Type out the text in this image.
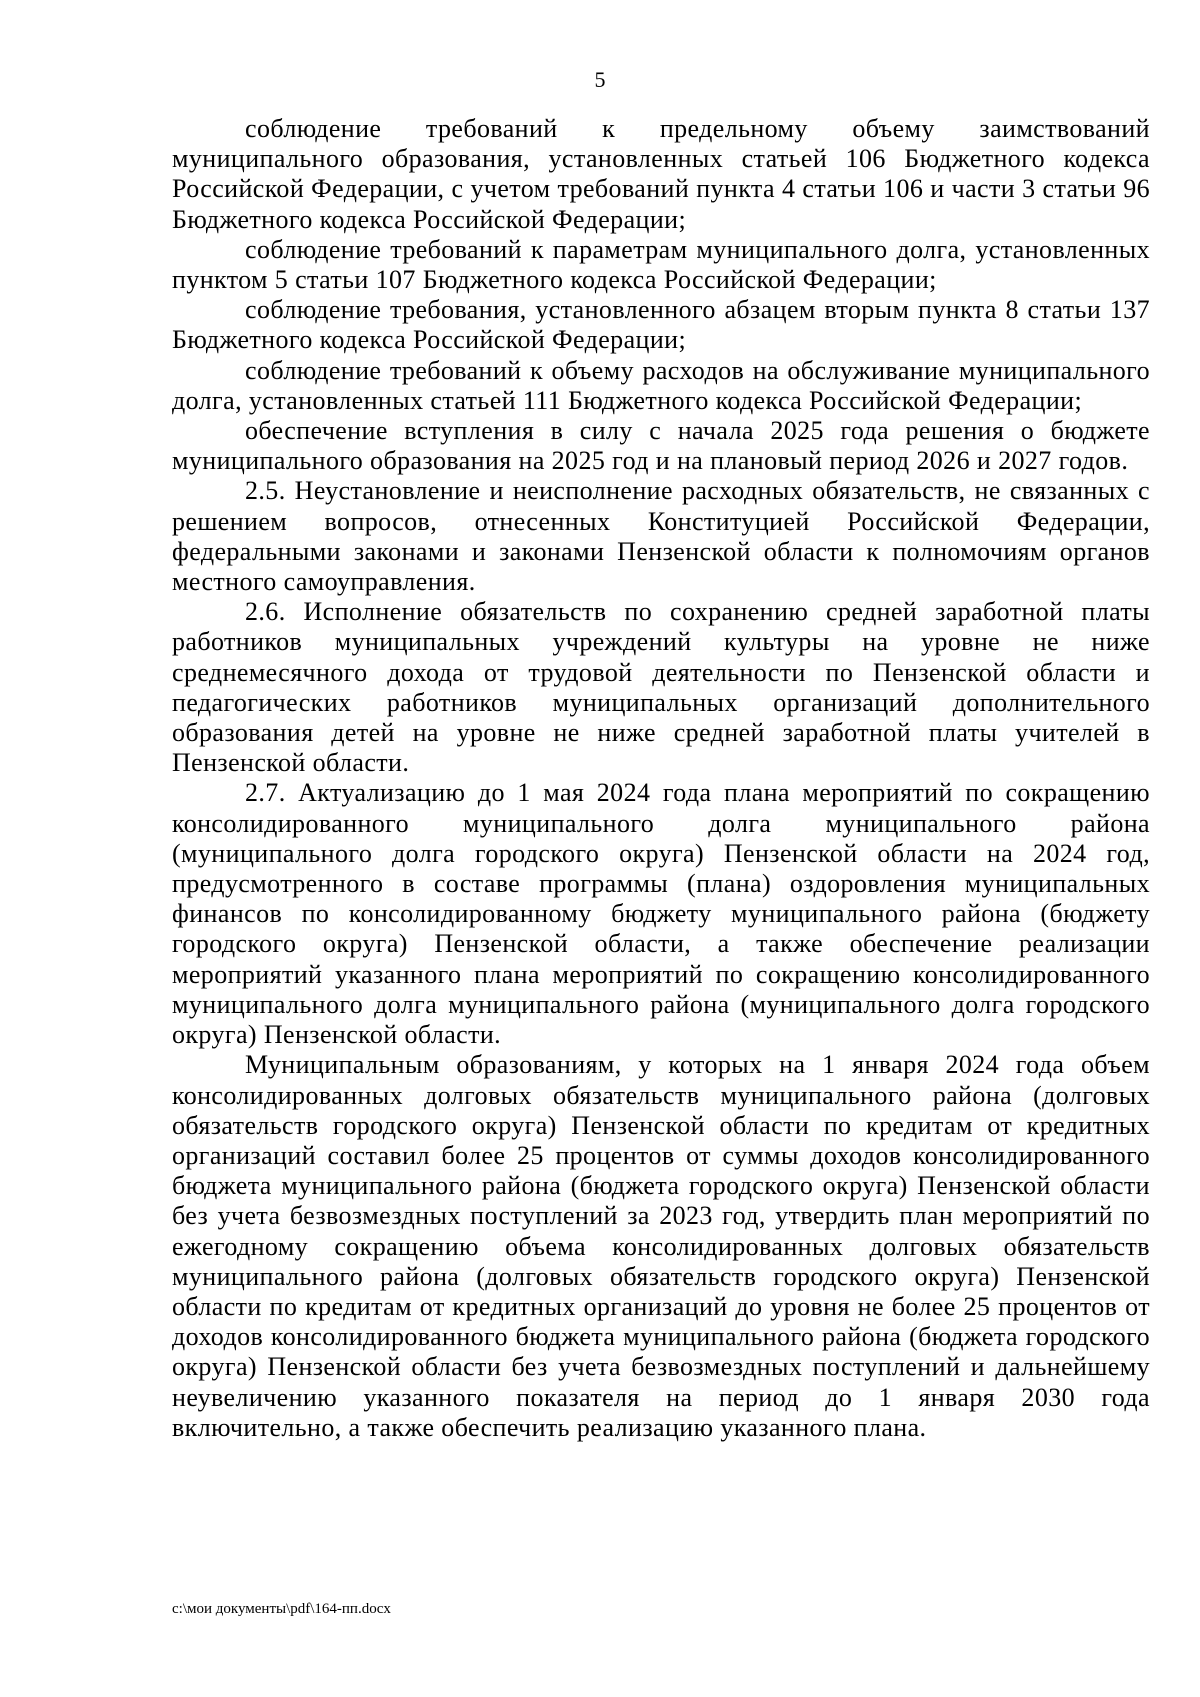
5

соблюдение требований к предельному объему заимствований муниципального образования, установленных статьей 106 Бюджетного кодекса Российской Федерации, с учетом требований пункта 4 статьи 106 и части 3 статьи 96 Бюджетного кодекса Российской Федерации;

соблюдение требований к параметрам муниципального долга, установленных пунктом 5 статьи 107 Бюджетного кодекса Российской Федерации;

соблюдение требования, установленного абзацем вторым пункта 8 статьи 137 Бюджетного кодекса Российской Федерации;

соблюдение требований к объему расходов на обслуживание муниципального долга, установленных статьей 111 Бюджетного кодекса Российской Федерации;

обеспечение вступления в силу с начала 2025 года решения о бюджете муниципального образования на 2025 год и на плановый период 2026 и 2027 годов.

2.5. Неустановление и неисполнение расходных обязательств, не связанных с решением вопросов, отнесенных Конституцией Российской Федерации, федеральными законами и законами Пензенской области к полномочиям органов местного самоуправления.

2.6. Исполнение обязательств по сохранению средней заработной платы работников муниципальных учреждений культуры на уровне не ниже среднемесячного дохода от трудовой деятельности по Пензенской области и педагогических работников муниципальных организаций дополнительного образования детей на уровне не ниже средней заработной платы учителей в Пензенской области.

2.7. Актуализацию до 1 мая 2024 года плана мероприятий по сокращению консолидированного муниципального долга муниципального района (муниципального долга городского округа) Пензенской области на 2024 год, предусмотренного в составе программы (плана) оздоровления муниципальных финансов по консолидированному бюджету муниципального района (бюджету городского округа) Пензенской области, а также обеспечение реализации мероприятий указанного плана мероприятий по сокращению консолидированного муниципального долга муниципального района (муниципального долга городского округа) Пензенской области.

Муниципальным образованиям, у которых на 1 января 2024 года объем консолидированных долговых обязательств муниципального района (долговых обязательств городского округа) Пензенской области по кредитам от кредитных организаций составил более 25 процентов от суммы доходов консолидированного бюджета муниципального района (бюджета городского округа) Пензенской области без учета безвозмездных поступлений за 2023 год, утвердить план мероприятий по ежегодному сокращению объема консолидированных долговых обязательств муниципального района (долговых обязательств городского округа) Пензенской области по кредитам от кредитных организаций до уровня не более 25 процентов от доходов консолидированного бюджета муниципального района (бюджета городского округа) Пензенской области без учета безвозмездных поступлений и дальнейшему неувеличению указанного показателя на период до 1 января 2030 года включительно, а также обеспечить реализацию указанного плана.

c:\мои документы\pdf\164-пп.docx
